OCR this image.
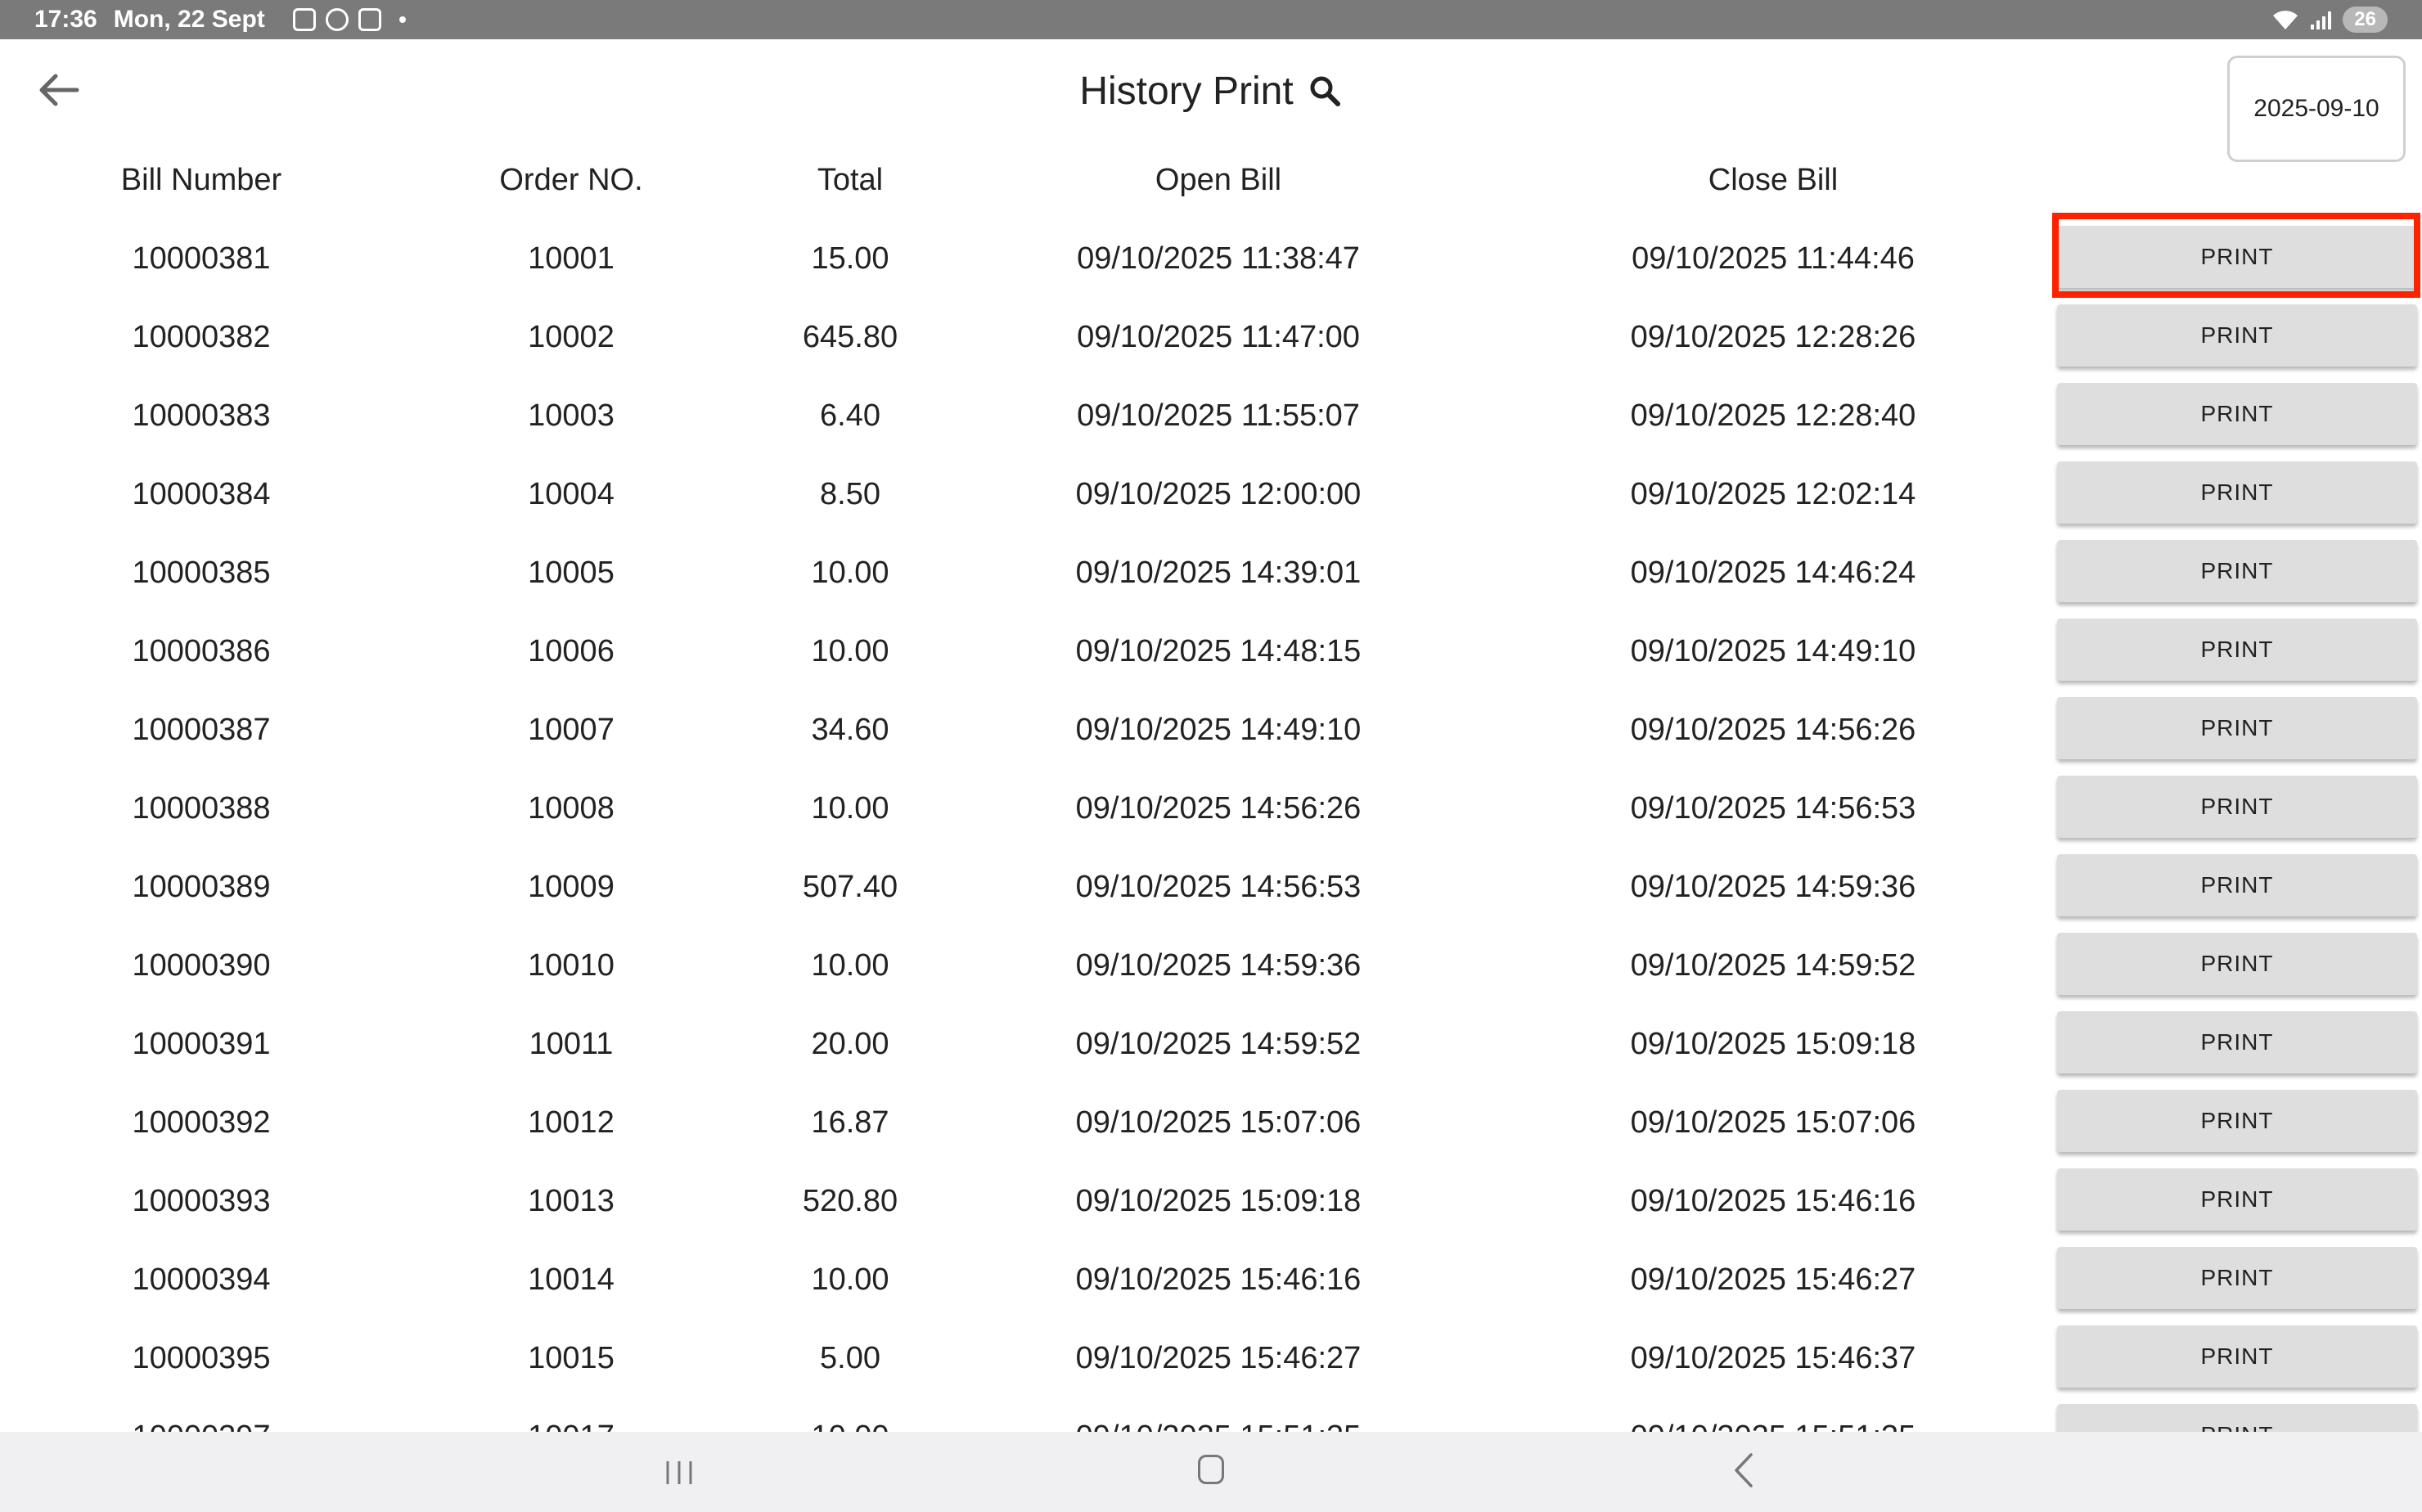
17:36 Mon, 22 Sept	26
History Print	2025-09-10
Bill Number	Order NO.	Total	Open Bill	Close Bill
10000381	10001	15.00	09/10/2025 11:38:47	09/10/2025 11:44:46	PRINT
10000382	10002	645.80	09/10/2025 11:47:00	09/10/2025 12:28:26	PRINT
10000383	10003	6.40	09/10/2025 11:55:07	09/10/2025 12:28:40	PRINT
10000384	10004	8.50	09/10/2025 12:00:00	09/10/2025 12:02:14	PRINT
10000385	10005	10.00	09/10/2025 14:39:01	09/10/2025 14:46:24	PRINT
10000386	10006	10.00	09/10/2025 14:48:15	09/10/2025 14:49:10	PRINT
10000387	10007	34.60	09/10/2025 14:49:10	09/10/2025 14:56:26	PRINT
10000388	10008	10.00	09/10/2025 14:56:26	09/10/2025 14:56:53	PRINT
10000389	10009	507.40	09/10/2025 14:56:53	09/10/2025 14:59:36	PRINT
10000390	10010	10.00	09/10/2025 14:59:36	09/10/2025 14:59:52	PRINT
10000391	10011	20.00	09/10/2025 14:59:52	09/10/2025 15:09:18	PRINT
10000392	10012	16.87	09/10/2025 15:07:06	09/10/2025 15:07:06	PRINT
10000393	10013	520.80	09/10/2025 15:09:18	09/10/2025 15:46:16	PRINT
10000394	10014	10.00	09/10/2025 15:46:16	09/10/2025 15:46:27	PRINT
10000395	10015	5.00	09/10/2025 15:46:27	09/10/2025 15:46:37	PRINT
